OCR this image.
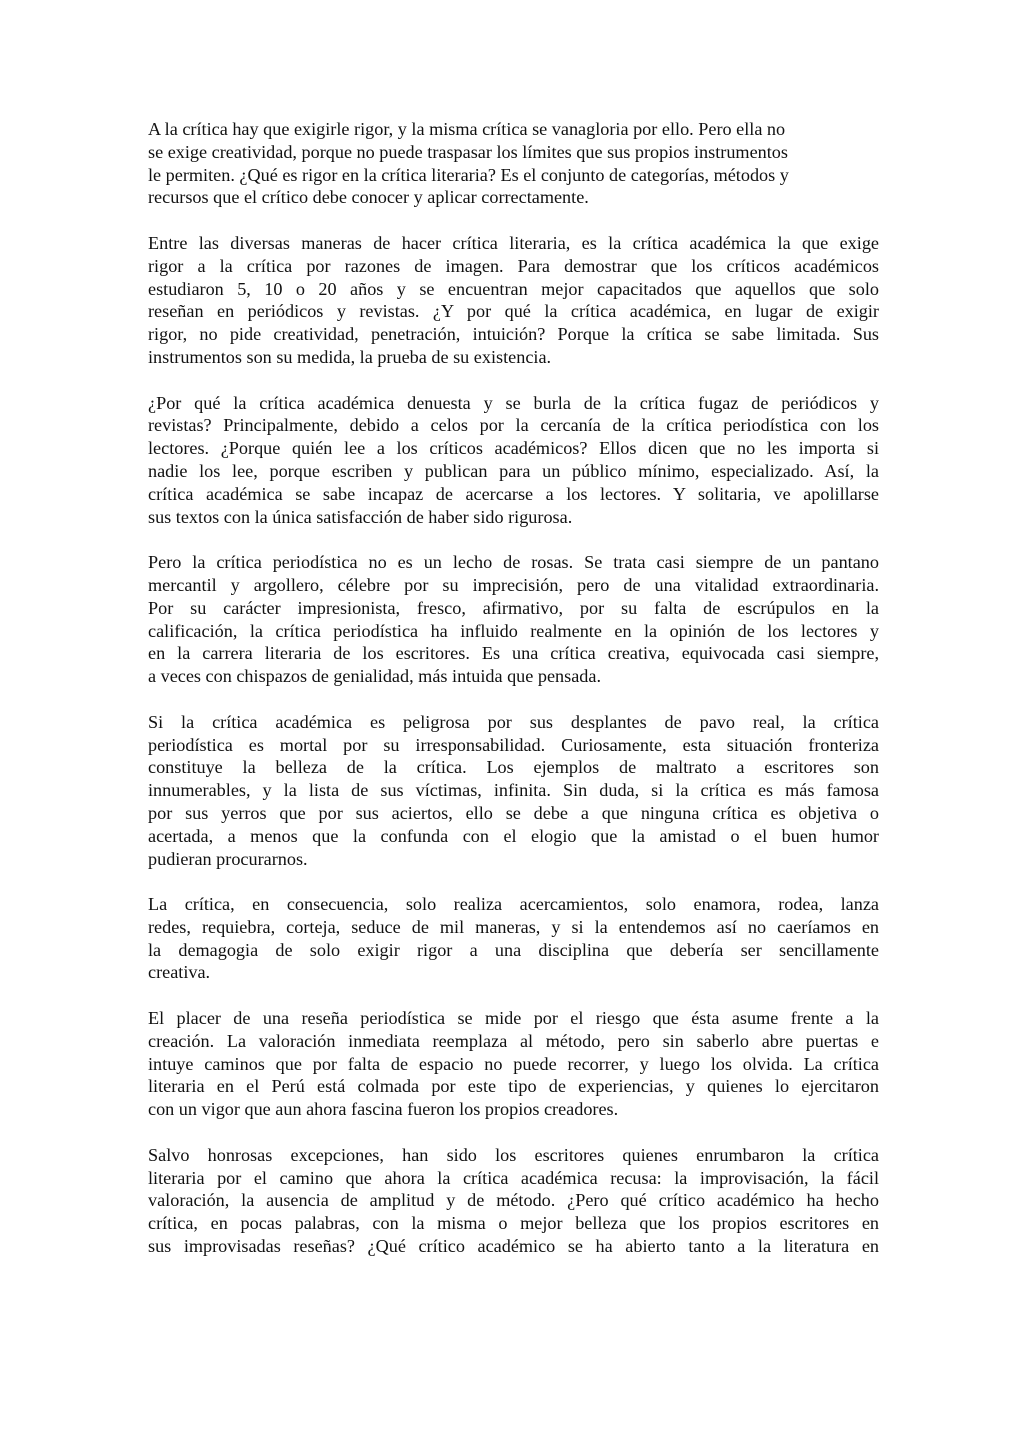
A la crítica hay que exigirle rigor, y la misma crítica se vanagloria por ello. Pero ella no
se exige creatividad, porque no puede traspasar los límites que sus propios instrumentos
le permiten. ¿Qué es rigor en la crítica literaria? Es el conjunto de categorías, métodos y
recursos que el crítico debe conocer y aplicar correctamente.
Entre las diversas maneras de hacer crítica literaria, es la crítica académica la que exige
rigor a la crítica por razones de imagen. Para demostrar que los críticos académicos
estudiaron 5, 10 o 20 años y se encuentran mejor capacitados que aquellos que solo
reseñan en periódicos y revistas. ¿Y por qué la crítica académica, en lugar de exigir
rigor, no pide creatividad, penetración, intuición? Porque la crítica se sabe limitada. Sus
instrumentos son su medida, la prueba de su existencia.
¿Por qué la crítica académica denuesta y se burla de la crítica fugaz de periódicos y
revistas? Principalmente, debido a celos por la cercanía de la crítica periodística con los
lectores. ¿Porque quién lee a los críticos académicos? Ellos dicen que no les importa si
nadie los lee, porque escriben y publican para un público mínimo, especializado. Así, la
crítica académica se sabe incapaz de acercarse a los lectores. Y solitaria, ve apolillarse
sus textos con la única satisfacción de haber sido rigurosa.
Pero la crítica periodística no es un lecho de rosas. Se trata casi siempre de un pantano
mercantil y argollero, célebre por su imprecisión, pero de una vitalidad extraordinaria.
Por su carácter impresionista, fresco, afirmativo, por su falta de escrúpulos en la
calificación, la crítica periodística ha influido realmente en la opinión de los lectores y
en la carrera literaria de los escritores. Es una crítica creativa, equivocada casi siempre,
a veces con chispazos de genialidad, más intuida que pensada.
Si la crítica académica es peligrosa por sus desplantes de pavo real, la crítica
periodística es mortal por su irresponsabilidad. Curiosamente, esta situación fronteriza
constituye la belleza de la crítica. Los ejemplos de maltrato a escritores son
innumerables, y la lista de sus víctimas, infinita. Sin duda, si la crítica es más famosa
por sus yerros que por sus aciertos, ello se debe a que ninguna crítica es objetiva o
acertada, a menos que la confunda con el elogio que la amistad o el buen humor
pudieran procurarnos.
La crítica, en consecuencia, solo realiza acercamientos, solo enamora, rodea, lanza
redes, requiebra, corteja, seduce de mil maneras, y si la entendemos así no caeríamos en
la demagogia de solo exigir rigor a una disciplina que debería ser sencillamente
creativa.
El placer de una reseña periodística se mide por el riesgo que ésta asume frente a la
creación. La valoración inmediata reemplaza al método, pero sin saberlo abre puertas e
intuye caminos que por falta de espacio no puede recorrer, y luego los olvida. La crítica
literaria en el Perú está colmada por este tipo de experiencias, y quienes lo ejercitaron
con un vigor que aun ahora fascina fueron los propios creadores.
Salvo honrosas excepciones, han sido los escritores quienes enrumbaron la crítica
literaria por el camino que ahora la crítica académica recusa: la improvisación, la fácil
valoración, la ausencia de amplitud y de método. ¿Pero qué crítico académico ha hecho
crítica, en pocas palabras, con la misma o mejor belleza que los propios escritores en
sus improvisadas reseñas? ¿Qué crítico académico se ha abierto tanto a la literatura en
